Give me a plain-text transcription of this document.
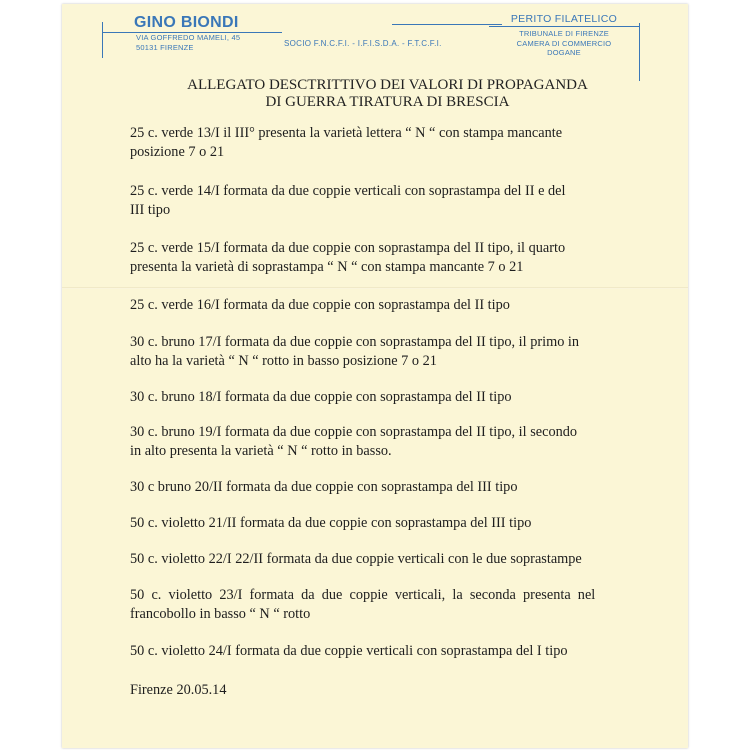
GINO BIONDI
VIA GOFFREDO MAMELI, 45
50131 FIRENZE	SOCIO F.N.C.F.I. - I.F.I.S.D.A. - F.T.C.F.I.
PERITO FILATELICO
TRIBUNALE DI FIRENZE
CAMERA DI COMMERCIO
DOGANE
ALLEGATO DESCTRITTIVO DEI VALORI DI PROPAGANDA
DI GUERRA TIRATURA DI BRESCIA
25 c. verde 13/I il III° presenta la varietà lettera “ N “ con stampa mancante
posizione 7 o 21
25 c. verde 14/I formata da due coppie verticali con soprastampa del II e del
III tipo
25 c. verde 15/I formata da due coppie con soprastampa del II tipo, il quarto
presenta la varietà di soprastampa “ N “ con stampa mancante 7 o 21
25 c. verde 16/I formata da due coppie con soprastampa del II tipo
30 c. bruno 17/I formata da due coppie con soprastampa del II tipo, il primo in
alto ha la varietà “ N “ rotto in basso posizione 7 o 21
30 c. bruno 18/I formata da due coppie con soprastampa del II tipo
30 c. bruno 19/I formata da due coppie con soprastampa del II tipo, il secondo
in alto presenta la varietà “ N “ rotto in basso.
30 c bruno 20/II formata da due coppie con soprastampa del III tipo
50 c. violetto 21/II formata da due coppie con soprastampa del III tipo
50 c. violetto 22/I 22/II formata da due coppie verticali con le due soprastampe
50  c.  violetto  23/I  formata  da  due  coppie  verticali,  la  seconda  presenta  nel
francobollo in basso “ N “ rotto
50 c. violetto 24/I formata da due coppie verticali con soprastampa del I tipo
Firenze 20.05.14
